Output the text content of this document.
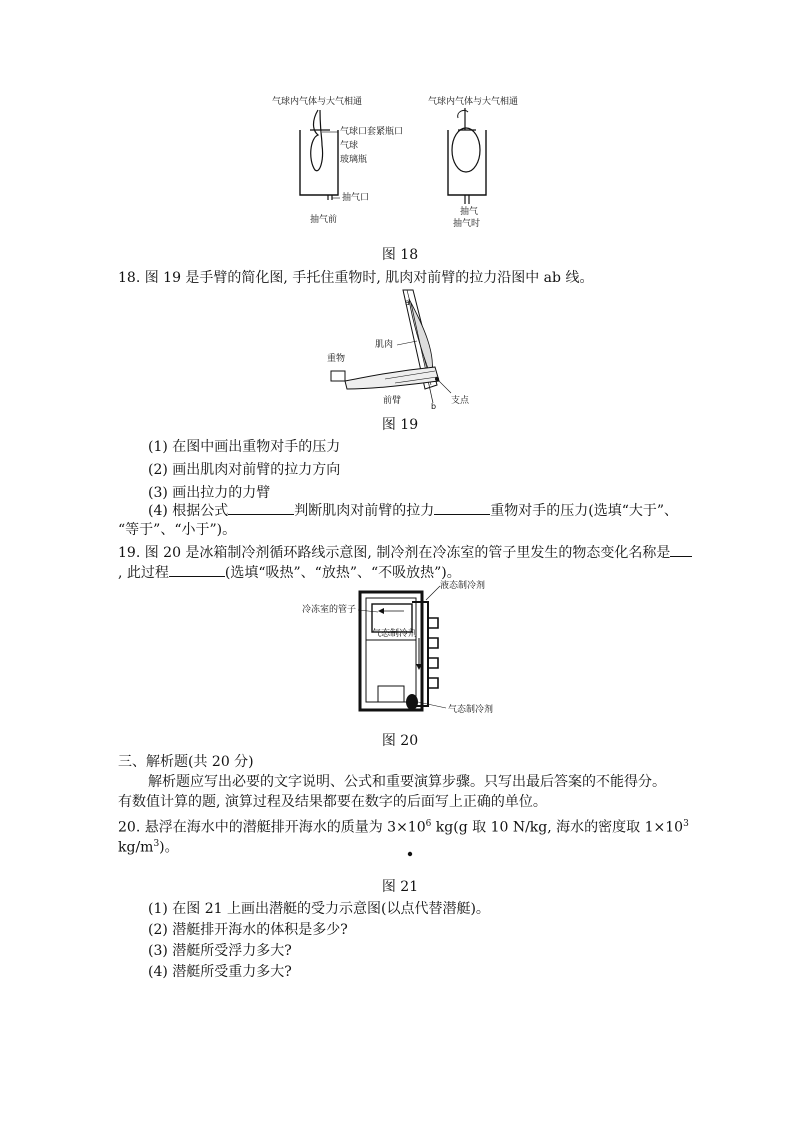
气球内气体与大气相通
气球口套紧瓶口
气球
玻璃瓶
抽气口
抽气前
气球内气体与大气相通
抽气
抽气时
图 18
18. 图 19 是手臂的简化图, 手托住重物时, 肌肉对前臂的拉力沿图中 ab 线。
a
b
肌肉
重物
前臂	支点
图 19
(1) 在图中画出重物对手的压力
(2) 画出肌肉对前臂的拉力方向
(3) 画出拉力的力臂
(4) 根据公式	判断肌肉对前臂的拉力	重物对手的压力(选填“大于”、
“等于”、“小于”)。
19. 图 20 是冰箱制冷剂循环路线示意图, 制冷剂在冷冻室的管子里发生的物态变化名称是
, 此过程	(选填“吸热”、“放热”、“不吸放热”)。
液态制冷剂
冷冻室的管子
气态制冷剂
气态制冷剂
图 20
三、解析题(共 20 分)
解析题应写出必要的文字说明、公式和重要演算步骤。只写出最后答案的不能得分。
有数值计算的题, 演算过程及结果都要在数字的后面写上正确的单位。
20. 悬浮在海水中的潜艇排开海水的质量为 $3\times 10^6$ kg(g 取 10 N/kg, 海水的密度取 $1\times 10^3$
$kg/m^3$)。
图 21
(1) 在图 21 上画出潜艇的受力示意图(以点代替潜艇)。
(2) 潜艇排开海水的体积是多少?
(3) 潜艇所受浮力多大?
(4) 潜艇所受重力多大?
